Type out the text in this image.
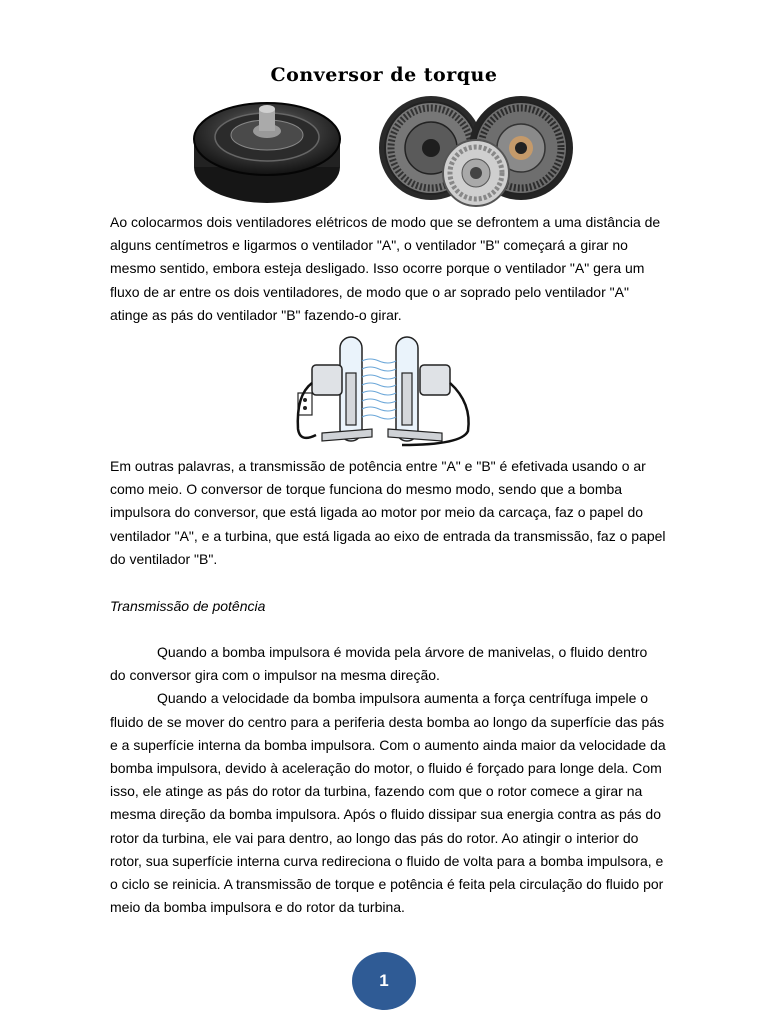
Conversor de torque

Ao colocarmos dois ventiladores elétricos de modo que se defrontem a uma distância de alguns centímetros e ligarmos o ventilador "A", o ventilador "B" começará a girar no mesmo sentido, embora esteja desligado. Isso ocorre porque o ventilador "A" gera um fluxo de ar entre os dois ventiladores, de modo que o ar soprado pelo ventilador "A" atinge as pás do ventilador "B" fazendo-o girar.

Em outras palavras, a transmissão de potência entre "A" e "B" é efetivada usando o ar como meio. O conversor de torque funciona do mesmo modo, sendo que a bomba impulsora do conversor, que está ligada ao motor por meio da carcaça, faz o papel do ventilador "A", e a turbina, que está ligada ao eixo de entrada da transmissão, faz o papel do ventilador "B".

Transmissão de potência

Quando a bomba impulsora é movida pela árvore de manivelas, o fluido dentro do conversor gira com o impulsor na mesma direção.

Quando a velocidade da bomba impulsora aumenta a força centrífuga impele o fluido de se mover do centro para a periferia desta bomba ao longo da superfície das pás e a superfície interna da bomba impulsora. Com o aumento ainda maior da velocidade da bomba impulsora, devido à aceleração do motor, o fluido é forçado para longe dela. Com isso, ele atinge as pás do rotor da turbina, fazendo com que o rotor comece a girar na mesma direção da bomba impulsora. Após o fluido dissipar sua energia contra as pás do rotor da turbina, ele vai para dentro, ao longo das pás do rotor. Ao atingir o interior do rotor, sua superfície interna curva redireciona o fluido de volta para a bomba impulsora, e o ciclo se reinicia. A transmissão de torque e potência é feita pela circulação do fluido por meio da bomba impulsora e do rotor da turbina.

1
